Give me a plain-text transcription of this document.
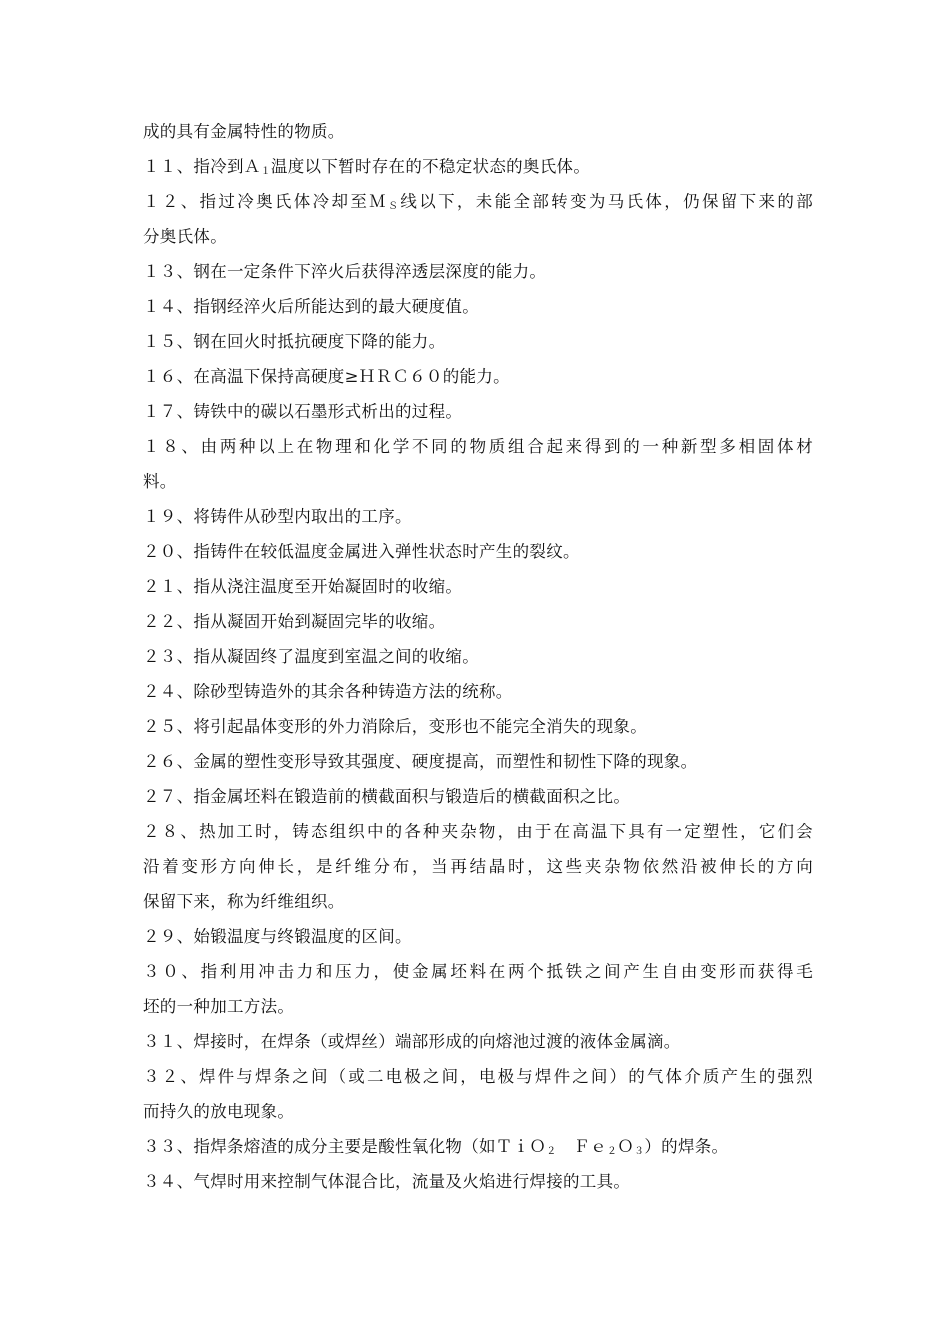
成的具有金属特性的物质。
１１、指冷到Ａ$_1$温度以下暂时存在的不稳定状态的奥氏体。
１２、指过冷奥氏体冷却至Ｍ$_S$线以下，未能全部转变为马氏体，仍保留下来的部
分奥氏体。
１３、钢在一定条件下淬火后获得淬透层深度的能力。
１４、指钢经淬火后所能达到的最大硬度值。
１５、钢在回火时抵抗硬度下降的能力。
１６、在高温下保持高硬度≥ＨＲＣ６０的能力。
１７、铸铁中的碳以石墨形式析出的过程。
１８、由两种以上在物理和化学不同的物质组合起来得到的一种新型多相固体材
料。
１９、将铸件从砂型内取出的工序。
２０、指铸件在较低温度金属进入弹性状态时产生的裂纹。
２１、指从浇注温度至开始凝固时的收缩。
２２、指从凝固开始到凝固完毕的收缩。
２３、指从凝固终了温度到室温之间的收缩。
２４、除砂型铸造外的其余各种铸造方法的统称。
２５、将引起晶体变形的外力消除后，变形也不能完全消失的现象。
２６、金属的塑性变形导致其强度、硬度提高，而塑性和韧性下降的现象。
２７、指金属坯料在锻造前的横截面积与锻造后的横截面积之比。
２８、热加工时，铸态组织中的各种夹杂物，由于在高温下具有一定塑性，它们会
沿着变形方向伸长，是纤维分布，当再结晶时，这些夹杂物依然沿被伸长的方向
保留下来，称为纤维组织。
２９、始锻温度与终锻温度的区间。
３０、指利用冲击力和压力，使金属坯料在两个抵铁之间产生自由变形而获得毛
坯的一种加工方法。
３１、焊接时，在焊条（或焊丝）端部形成的向熔池过渡的液体金属滴。
３２、焊件与焊条之间（或二电极之间，电极与焊件之间）的气体介质产生的强烈
而持久的放电现象。
３３、指焊条熔渣的成分主要是酸性氧化物（如ＴｉＯ$_2$　Ｆｅ$_2$Ｏ$_3$）的焊条。
３４、气焊时用来控制气体混合比，流量及火焰进行焊接的工具。
